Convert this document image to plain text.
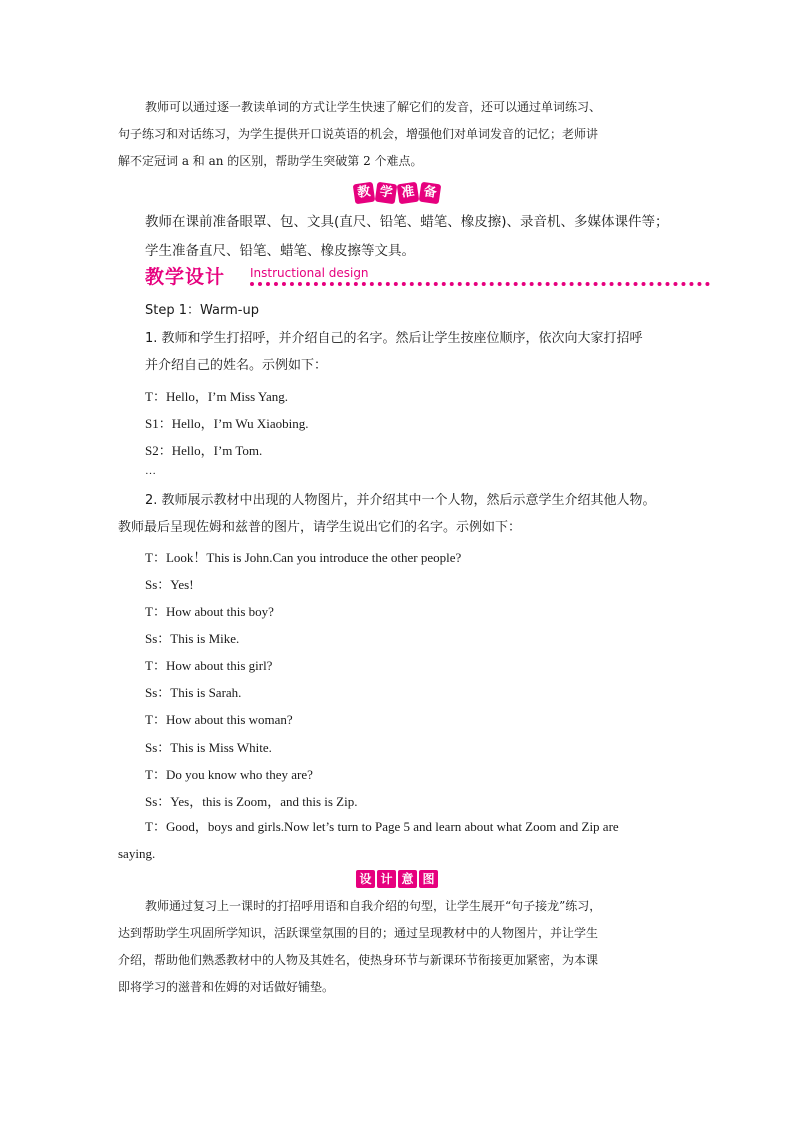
教师可以通过逐一教读单词的方式让学生快速了解它们的发音，还可以通过单词练习、
句子练习和对话练习，为学生提供开口说英语的机会，增强他们对单词发音的记忆；老师讲
解不定冠词 a 和 an 的区别，帮助学生突破第 2 个难点。
教 学 准 备
教师在课前准备眼罩、包、文具(直尺、铅笔、蜡笔、橡皮擦)、录音机、多媒体课件等；
学生准备直尺、铅笔、蜡笔、橡皮擦等文具。
教学设计 Instructional design
Step 1：Warm-up
1. 教师和学生打招呼，并介绍自己的名字。然后让学生按座位顺序，依次向大家打招呼
并介绍自己的姓名。示例如下：
T：Hello，I’m Miss Yang.
S1：Hello，I’m Wu Xiaobing.
S2：Hello，I’m Tom.
…
2. 教师展示教材中出现的人物图片，并介绍其中一个人物，然后示意学生介绍其他人物。
教师最后呈现佐姆和兹普的图片，请学生说出它们的名字。示例如下：
T：Look！This is John.Can you introduce the other people?
Ss：Yes!
T：How about this boy?
Ss：This is Mike.
T：How about this girl?
Ss：This is Sarah.
T：How about this woman?
Ss：This is Miss White.
T：Do you know who they are?
Ss：Yes，this is Zoom，and this is Zip.
T：Good，boys and girls.Now let’s turn to Page 5 and learn about what Zoom and Zip are
saying.
设 计 意 图
教师通过复习上一课时的打招呼用语和自我介绍的句型，让学生展开“句子接龙”练习，
达到帮助学生巩固所学知识，活跃课堂氛围的目的；通过呈现教材中的人物图片，并让学生
介绍，帮助他们熟悉教材中的人物及其姓名，使热身环节与新课环节衔接更加紧密，为本课
即将学习的滋普和佐姆的对话做好铺垫。
